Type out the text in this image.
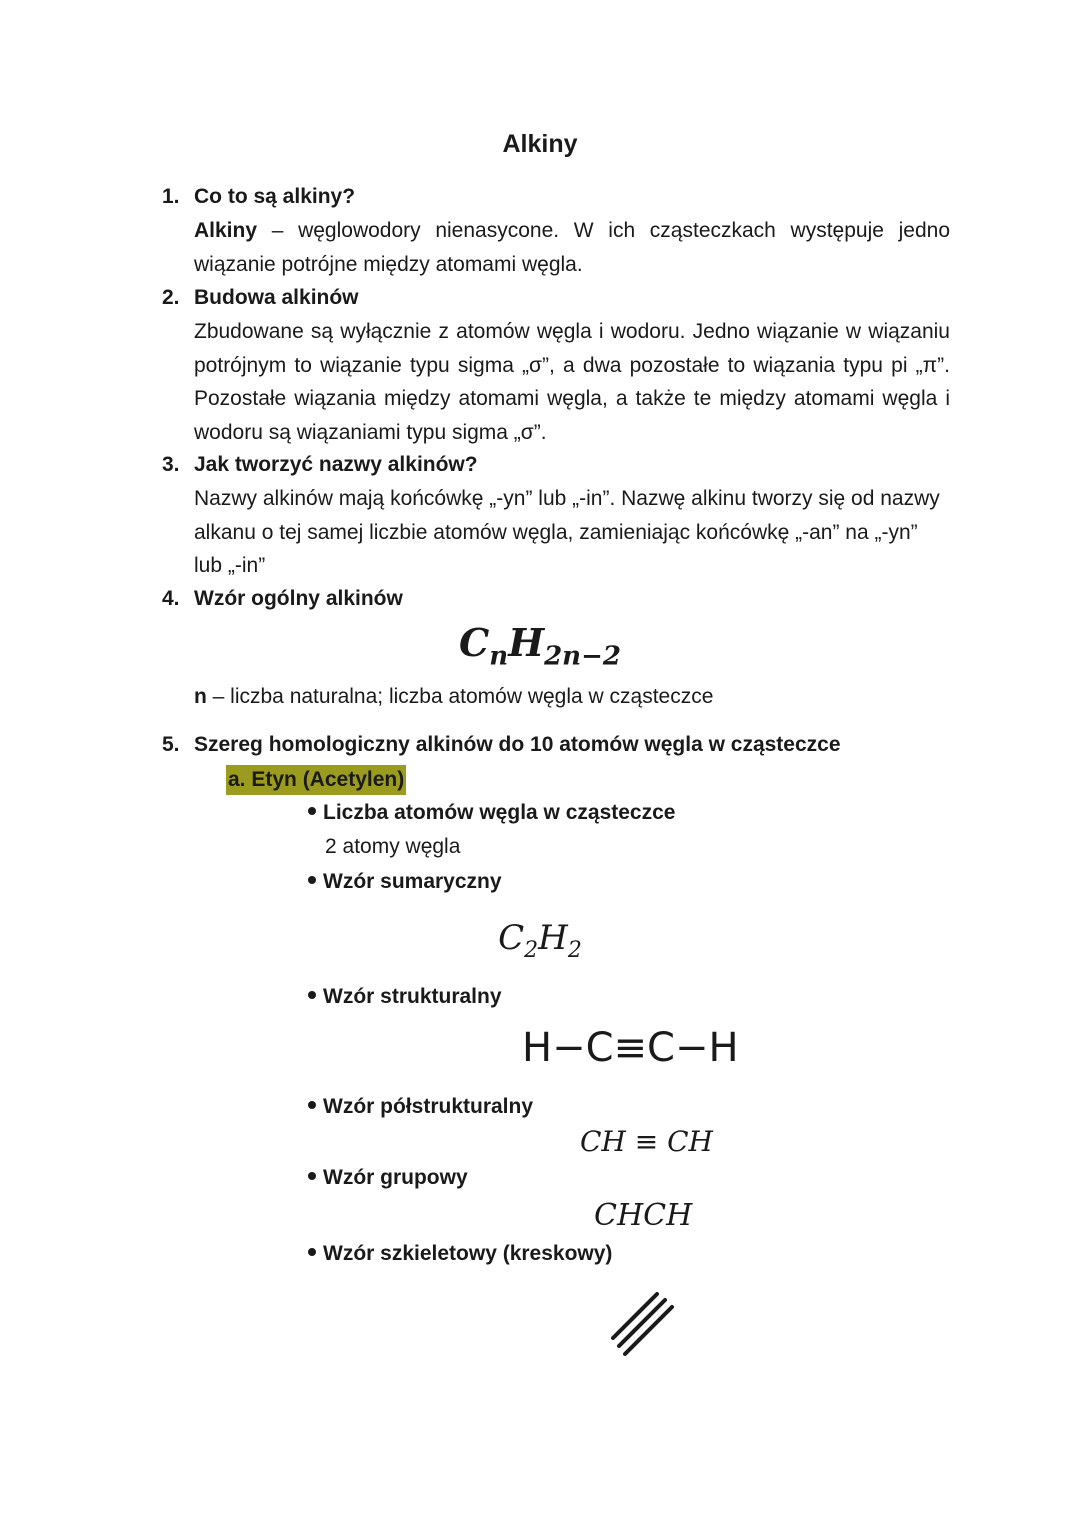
Alkiny
1. Co to są alkiny?
Alkiny – węglowodory nienasycone. W ich cząsteczkach występuje jedno wiązanie potrójne między atomami węgla.
2. Budowa alkinów
Zbudowane są wyłącznie z atomów węgla i wodoru. Jedno wiązanie w wiązaniu potrójnym to wiązanie typu sigma „σ”, a dwa pozostałe to wiązania typu pi „π”. Pozostałe wiązania między atomami węgla, a także te między atomami węgla i wodoru są wiązaniami typu sigma „σ”.
3. Jak tworzyć nazwy alkinów?
Nazwy alkinów mają końcówkę „-yn” lub „-in”. Nazwę alkinu tworzy się od nazwy alkanu o tej samej liczbie atomów węgla, zamieniając końcówkę „-an” na „-yn” lub „-in”
4. Wzór ogólny alkinów
$C_nH_{2n-2}$
n – liczba naturalna; liczba atomów węgla w cząsteczce
5. Szereg homologiczny alkinów do 10 atomów węgla w cząsteczce
a. Etyn (Acetylen)
Liczba atomów węgla w cząsteczce
2 atomy węgla
Wzór sumaryczny
$C_2H_2$
Wzór strukturalny
H−C≡C−H
Wzór półstrukturalny
CH ≡ CH
Wzór grupowy
CHCH
Wzór szkieletowy (kreskowy)
